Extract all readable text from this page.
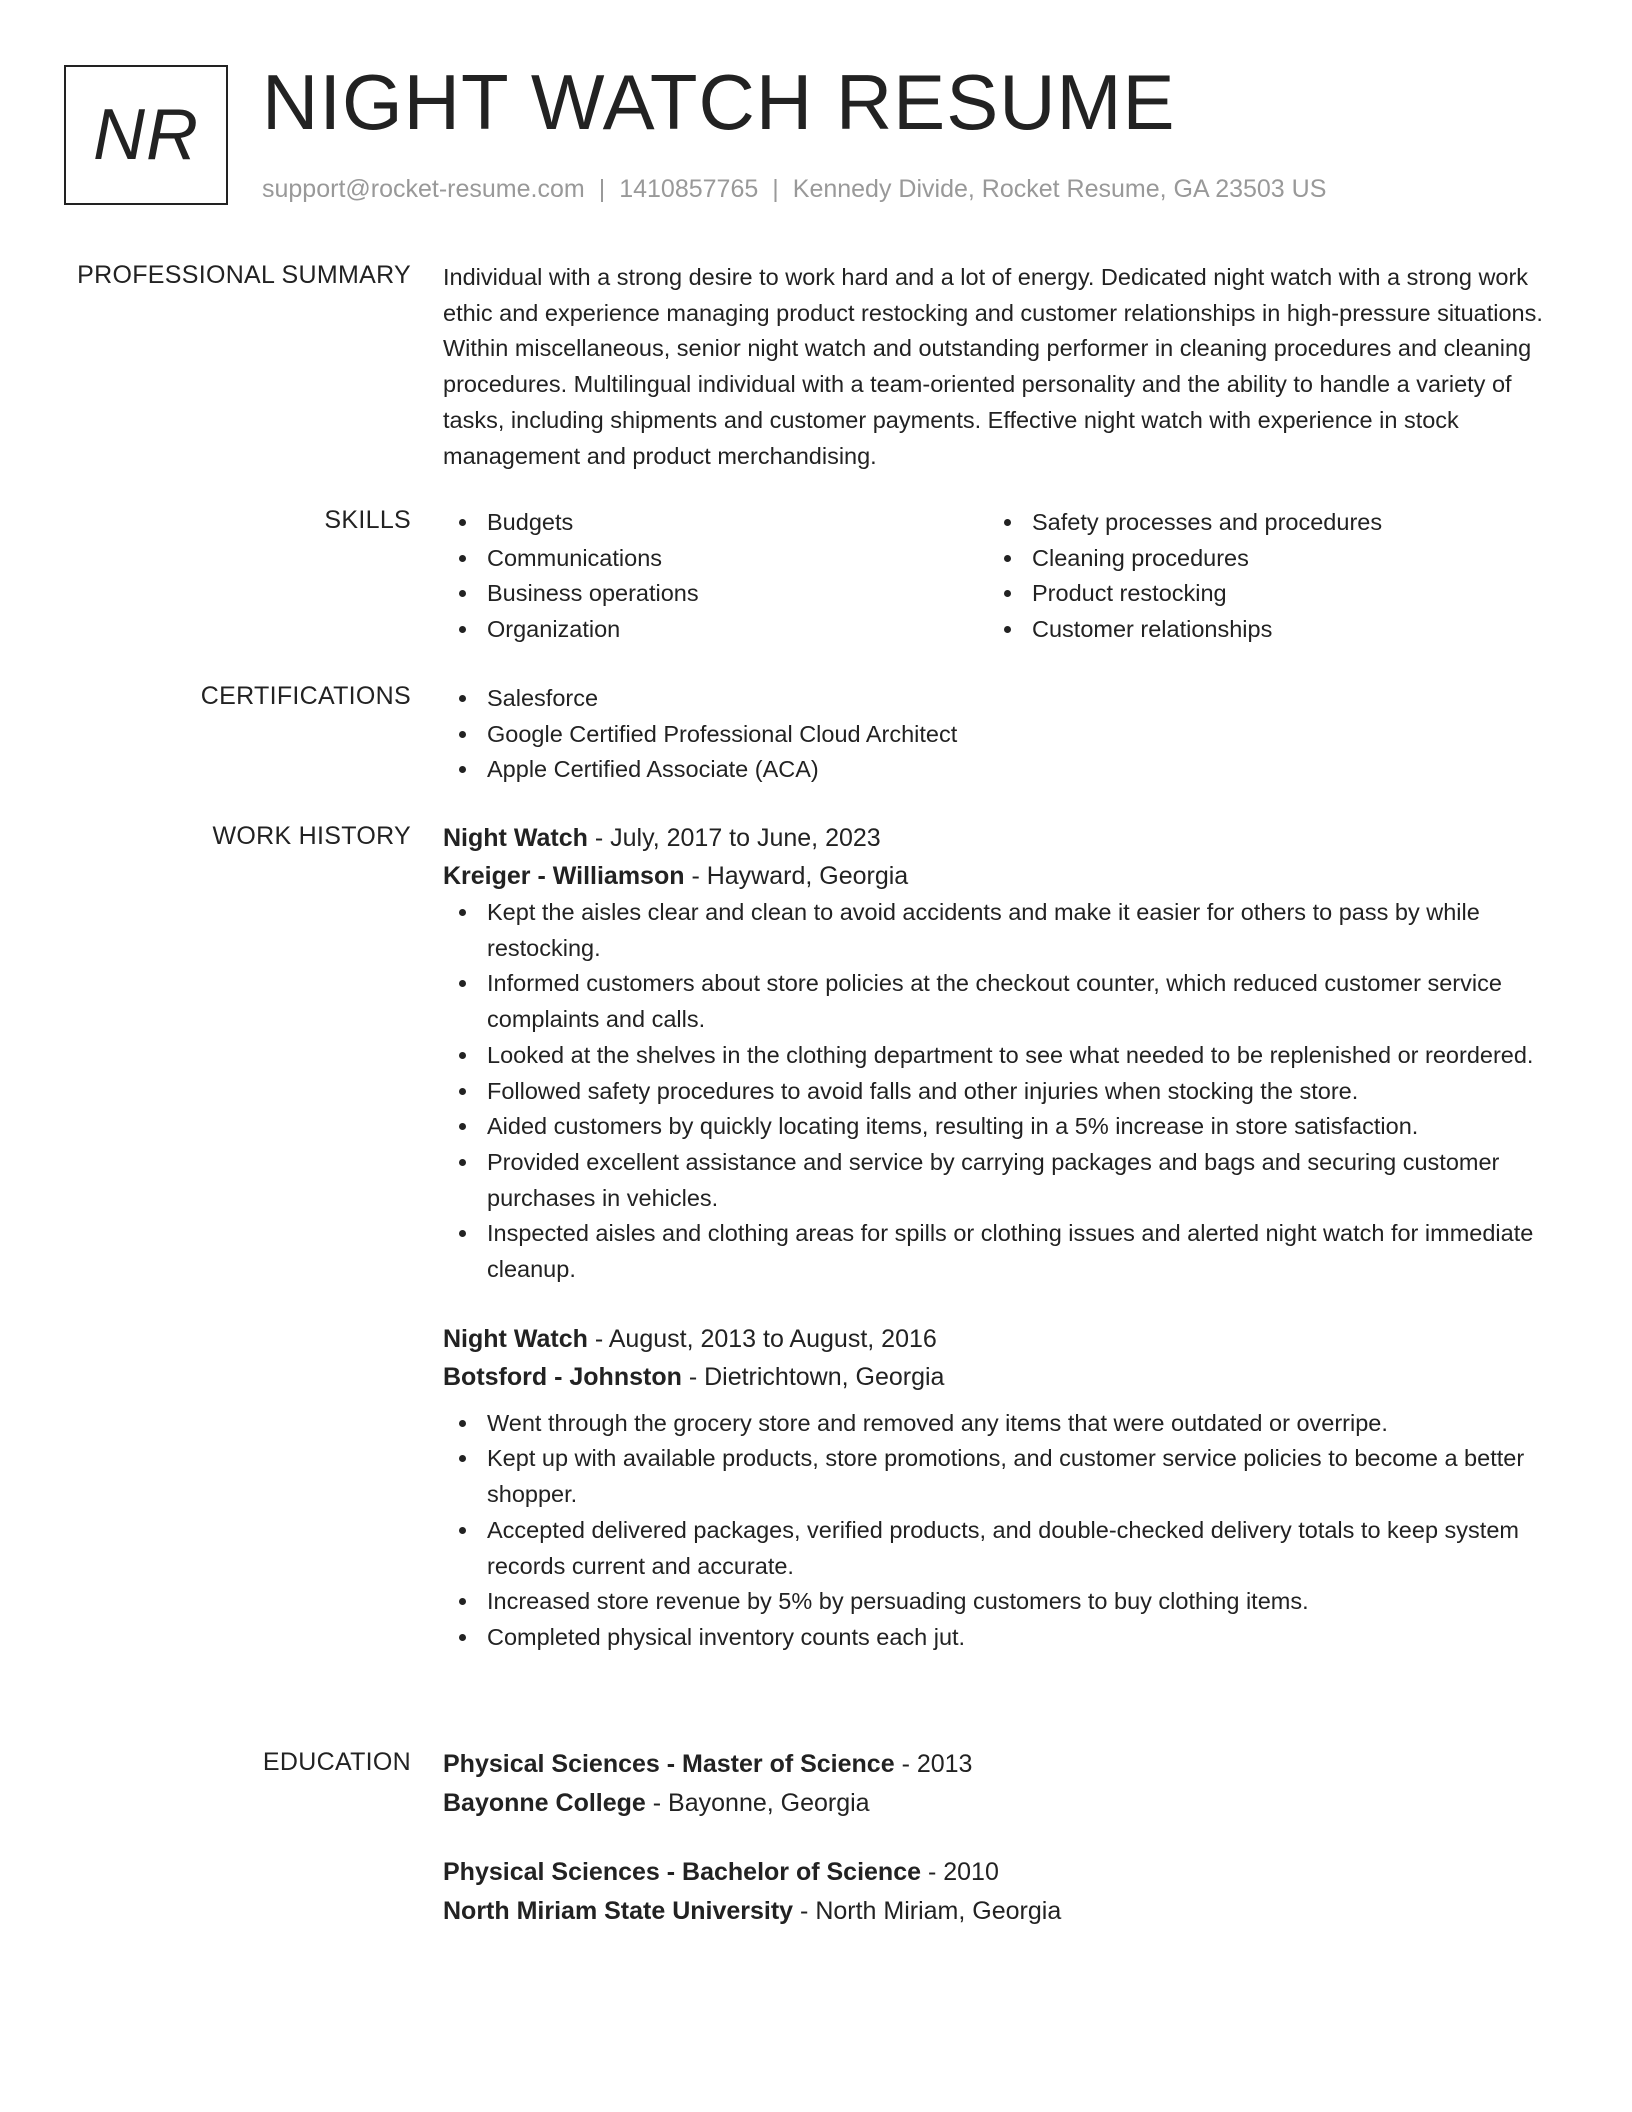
NR NIGHT WATCH RESUME
support@rocket-resume.com | 1410857765 | Kennedy Divide, Rocket Resume, GA 23503 US
PROFESSIONAL SUMMARY Individual with a strong desire to work hard and a lot of energy. Dedicated night watch with a strong work ethic and experience managing product restocking and customer relationships in high-pressure situations. Within miscellaneous, senior night watch and outstanding performer in cleaning procedures and cleaning procedures. Multilingual individual with a team-oriented personality and the ability to handle a variety of tasks, including shipments and customer payments. Effective night watch with experience in stock management and product merchandising.

SKILLS	Budgets
Communications
Business operations
Organization
Safety processes and procedures
Cleaning procedures
Product restocking
Customer relationships
CERTIFICATIONS	Salesforce
Google Certified Professional Cloud Architect
Apple Certified Associate (ACA)
WORK HISTORY Night Watch - July, 2017 to June, 2023
Kreiger - Williamson - Hayward, Georgia
Kept the aisles clear and clean to avoid accidents and make it easier for others to pass by while restocking.
Informed customers about store policies at the checkout counter, which reduced customer service complaints and calls.
Looked at the shelves in the clothing department to see what needed to be replenished or reordered.
Followed safety procedures to avoid falls and other injuries when stocking the store.
Aided customers by quickly locating items, resulting in a 5% increase in store satisfaction.
Provided excellent assistance and service by carrying packages and bags and securing customer purchases in vehicles.
Inspected aisles and clothing areas for spills or clothing issues and alerted night watch for immediate cleanup.
Night Watch - August, 2013 to August, 2016
Botsford - Johnston - Dietrichtown, Georgia
Went through the grocery store and removed any items that were outdated or overripe.
Kept up with available products, store promotions, and customer service policies to become a better shopper.
Accepted delivered packages, verified products, and double-checked delivery totals to keep system records current and accurate.
Increased store revenue by 5% by persuading customers to buy clothing items.
Completed physical inventory counts each jut.
EDUCATION Physical Sciences - Master of Science - 2013
Bayonne College - Bayonne, Georgia
Physical Sciences - Bachelor of Science - 2010
North Miriam State University - North Miriam, Georgia
